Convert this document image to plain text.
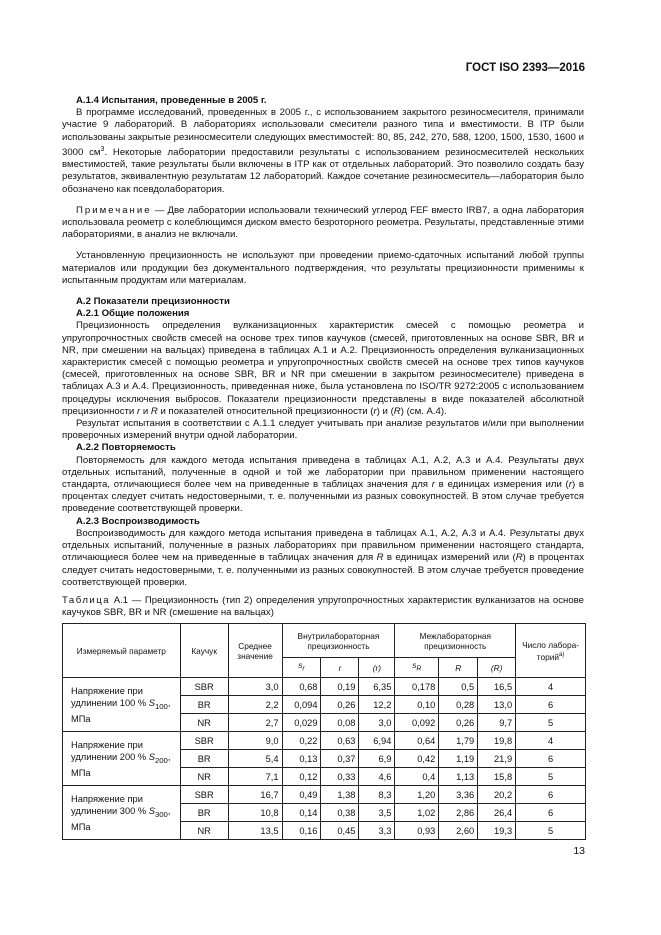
ГОСТ ISO 2393—2016

А.1.4 Испытания, проведенные в 2005 г.

В программе исследований, проведенных в 2005 г., с использованием закрытого резиносмесителя, принимали участие 9 лабораторий. В лабораториях использовали смесители разного типа и вместимости. В ITP были использованы закрытые резиносмесители следующих вместимостей: 80, 85, 242, 270, 588, 1200, 1500, 1530, 1600 и 3000 $см^3$. Некоторые лаборатории предоставили результаты с использованием резиносмесителей нескольких вместимостей, такие результаты были включены в ITP как от отдельных лабораторий. Это позволило создать базу результатов, эквивалентную результатам 12 лабораторий. Каждое сочетание резиносмеситель—лаборатория было обозначено как псевдолаборатория.

Примечание — Две лаборатории использовали технический углерод FEF вместо IRB7, а одна лаборатория использовала реометр с колеблющимся диском вместо безроторного реометра. Результаты, представленные этими лабораториями, в анализ не включали.

Установленную прецизионность не используют при проведении приемо-сдаточных испытаний любой группы материалов или продукции без документального подтверждения, что результаты прецизионности применимы к испытанным продуктам или материалам.

А.2 Показатели прецизионности

А.2.1 Общие положения

Прецизионность определения вулканизационных характеристик смесей с помощью реометра и упругопрочностных свойств смесей на основе трех типов каучуков (смесей, приготовленных на основе SBR, BR и NR, при смешении на вальцах) приведена в таблицах А.1 и А.2. Прецизионность определения вулканизационных характеристик смесей с помощью реометра и упругопрочностных свойств смесей на основе трех типов каучуков (смесей, приготовленных на основе SBR, BR и NR при смешении в закрытом резиносмесителе) приведена в таблицах А.3 и А.4. Прецизионность, приведенная ниже, была установлена по ISO/TR 9272:2005 с использованием процедуры исключения выбросов. Показатели прецизионности представлены в виде показателей абсолютной прецизионности r и R и показателей относительной прецизионности (r) и (R) (см. А.4).

Результат испытания в соответствии с А.1.1 следует учитывать при анализе результатов и/или при выполнении проверочных измерений внутри одной лаборатории.

А.2.2 Повторяемость

Повторяемость для каждого метода испытания приведена в таблицах А.1, А.2, А.3 и А.4. Результаты двух отдельных испытаний, полученные в одной и той же лаборатории при правильном применении настоящего стандарта, отличающиеся более чем на приведенные в таблицах значения для r в единицах измерения или (r) в процентах следует считать недостоверными, т. е. полученными из разных совокупностей. В этом случае требуется проведение соответствующей проверки.

А.2.3 Воспроизводимость

Воспроизводимость для каждого метода испытания приведена в таблицах А.1, А.2, А.3 и А.4. Результаты двух отдельных испытаний, полученные в разных лабораториях при правильном применении настоящего стандарта, отличающиеся более чем на приведенные в таблицах значения для R в единицах измерений или (R) в процентах следует считать недостоверными, т. е. полученными из разных совокупностей. В этом случае требуется проведение соответствующей проверки.

Таблица А.1 — Прецизионность (тип 2) определения упругопрочностных характеристик вулканизатов на основе каучуков SBR, BR и NR (смешение на вальцах)

Измеряемый параметр	Каучук	Среднее значение	Внутрилабораторная прецизионность			Межлабораторная прецизионность			Число лабораторий$^{a)}$
			$s_r$	r	(r)	$s_R$	R	(R)	
Напряжение при удлинении 100 % $S_{100}$, МПа	SBR	3,0	0,68	0,19	6,35	0,178	0,5	16,5	4
	BR	2,2	0,094	0,26	12,2	0,10	0,28	13,0	6
	NR	2,7	0,029	0,08	3,0	0,092	0,26	9,7	5
Напряжение при удлинении 200 % $S_{200}$, МПа	SBR	9,0	0,22	0,63	6,94	0,64	1,79	19,8	4
	BR	5,4	0,13	0,37	6,9	0,42	1,19	21,9	6
	NR	7,1	0,12	0,33	4,6	0,4	1,13	15,8	5
Напряжение при удлинении 300 % $S_{300}$, МПа	SBR	16,7	0,49	1,38	8,3	1,20	3,36	20,2	6
	BR	10,8	0,14	0,38	3,5	1,02	2,86	26,4	6
	NR	13,5	0,16	0,45	3,3	0,93	2,60	19,3	5
13
